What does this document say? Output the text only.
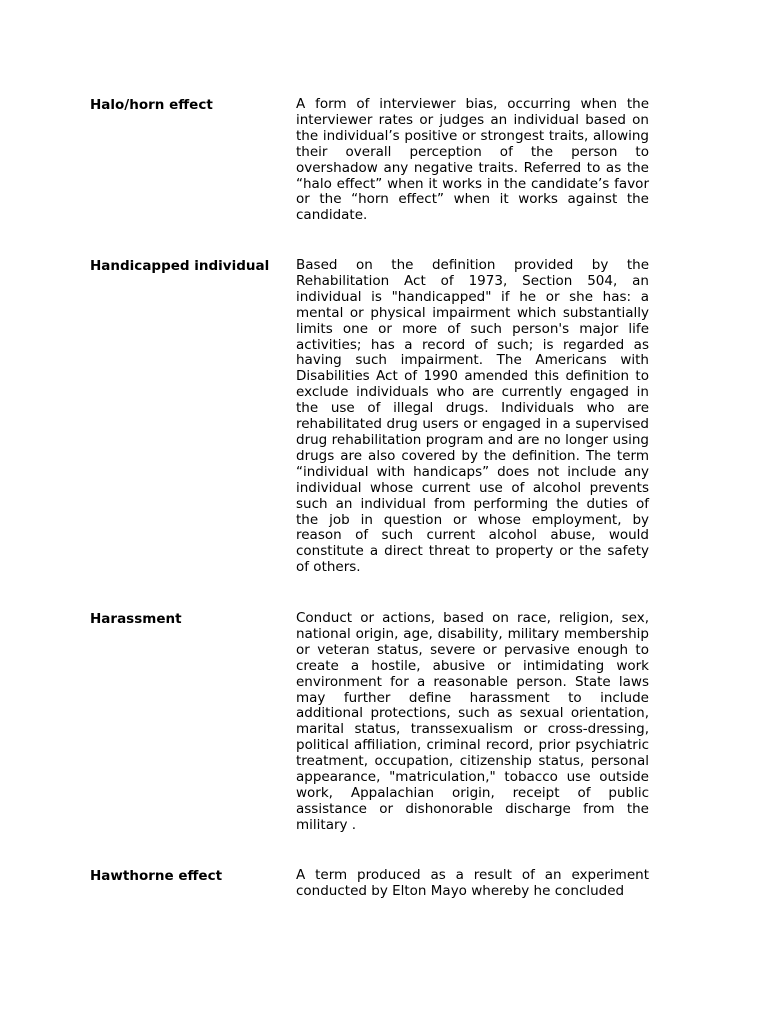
Halo/horn effect	A form of interviewer bias, occurring when the interviewer rates or judges an individual based on the individual’s positive or strongest traits, allowing their overall perception of the person to overshadow any negative traits. Referred to as the “halo effect” when it works in the candidate’s favor or the “horn effect” when it works against the candidate.
Handicapped individual	Based on the definition provided by the Rehabilitation Act of 1973, Section 504, an individual is "handicapped" if he or she has: a mental or physical impairment which substantially limits one or more of such person's major life activities; has a record of such; is regarded as having such impairment. The Americans with Disabilities Act of 1990 amended this definition to exclude individuals who are currently engaged in the use of illegal drugs. Individuals who are rehabilitated drug users or engaged in a supervised drug rehabilitation program and are no longer using drugs are also covered by the definition. The term “individual with handicaps” does not include any individual whose current use of alcohol prevents such an individual from performing the duties of the job in question or whose employment, by reason of such current alcohol abuse, would constitute a direct threat to property or the safety of others.
Harassment	Conduct or actions, based on race, religion, sex, national origin, age, disability, military membership or veteran status, severe or pervasive enough to create a hostile, abusive or intimidating work environment for a reasonable person. State laws may further define harassment to include additional protections, such as sexual orientation, marital status, transsexualism or cross-dressing, political affiliation, criminal record, prior psychiatric treatment, occupation, citizenship status, personal appearance, "matriculation," tobacco use outside work, Appalachian origin, receipt of public assistance or dishonorable discharge from the military .
Hawthorne effect	A term produced as a result of an experiment conducted by Elton Mayo whereby he concluded
